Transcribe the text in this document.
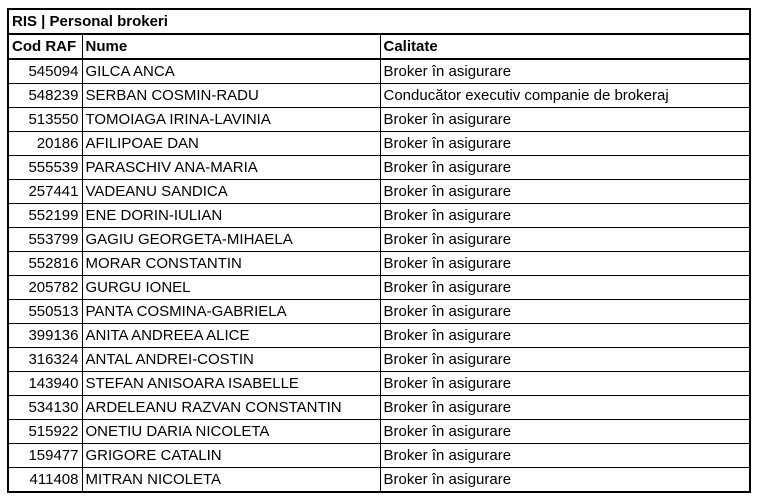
RIS | Personal brokeri		
Cod RAF	Nume	Calitate
545094	GILCA ANCA	Broker în asigurare
548239	SERBAN COSMIN-RADU	Conducător executiv companie de brokeraj
513550	TOMOIAGA IRINA-LAVINIA	Broker în asigurare
20186	AFILIPOAE DAN	Broker în asigurare
555539	PARASCHIV ANA-MARIA	Broker în asigurare
257441	VADEANU SANDICA	Broker în asigurare
552199	ENE DORIN-IULIAN	Broker în asigurare
553799	GAGIU GEORGETA-MIHAELA	Broker în asigurare
552816	MORAR CONSTANTIN	Broker în asigurare
205782	GURGU IONEL	Broker în asigurare
550513	PANTA COSMINA-GABRIELA	Broker în asigurare
399136	ANITA ANDREEA ALICE	Broker în asigurare
316324	ANTAL ANDREI-COSTIN	Broker în asigurare
143940	STEFAN ANISOARA ISABELLE	Broker în asigurare
534130	ARDELEANU RAZVAN CONSTANTIN	Broker în asigurare
515922	ONETIU DARIA NICOLETA	Broker în asigurare
159477	GRIGORE CATALIN	Broker în asigurare
411408	MITRAN NICOLETA	Broker în asigurare
